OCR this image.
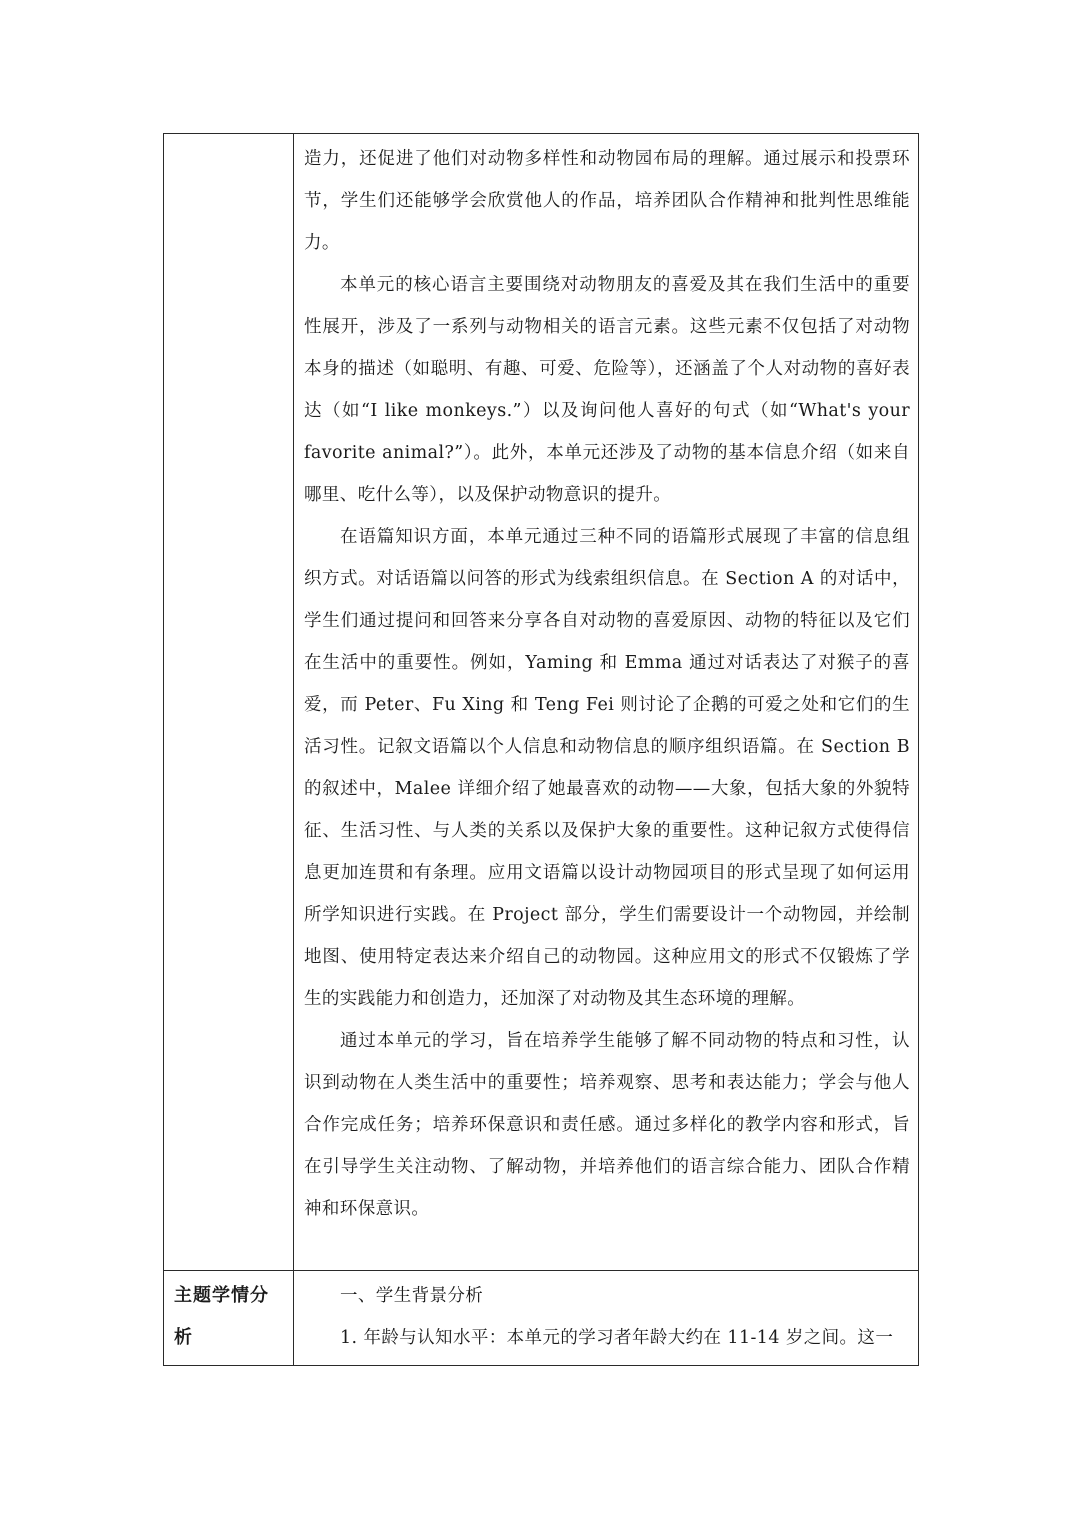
	造力，还促进了他们对动物多样性和动物园布局的理解。通过展示和投票环节，学生们还能够学会欣赏他人的作品，培养团队合作精神和批判性思维能力。

本单元的核心语言主要围绕对动物朋友的喜爱及其在我们生活中的重要性展开，涉及了一系列与动物相关的语言元素。这些元素不仅包括了对动物本身的描述（如聪明、有趣、可爱、危险等），还涵盖了个人对动物的喜好表达（如“I like monkeys.”）以及询问他人喜好的句式（如“What's your favorite animal?”）。此外，本单元还涉及了动物的基本信息介绍（如来自哪里、吃什么等），以及保护动物意识的提升。

在语篇知识方面，本单元通过三种不同的语篇形式展现了丰富的信息组织方式。对话语篇以问答的形式为线索组织信息。在 Section A 的对话中，学生们通过提问和回答来分享各自对动物的喜爱原因、动物的特征以及它们在生活中的重要性。例如，Yaming 和 Emma 通过对话表达了对猴子的喜爱，而 Peter、Fu Xing 和 Teng Fei 则讨论了企鹅的可爱之处和它们的生活习性。记叙文语篇以个人信息和动物信息的顺序组织语篇。在 Section B 的叙述中，Malee 详细介绍了她最喜欢的动物——大象，包括大象的外貌特征、生活习性、与人类的关系以及保护大象的重要性。这种记叙方式使得信息更加连贯和有条理。应用文语篇以设计动物园项目的形式呈现了如何运用所学知识进行实践。在 Project 部分，学生们需要设计一个动物园，并绘制地图、使用特定表达来介绍自己的动物园。这种应用文的形式不仅锻炼了学生的实践能力和创造力，还加深了对动物及其生态环境的理解。

通过本单元的学习，旨在培养学生能够了解不同动物的特点和习性，认识到动物在人类生活中的重要性；培养观察、思考和表达能力；学会与他人合作完成任务；培养环保意识和责任感。通过多样化的教学内容和形式，旨在引导学生关注动物、了解动物，并培养他们的语言综合能力、团队合作精神和环保意识。

主题学情分析	一、学生背景分析

1. 年龄与认知水平：本单元的学习者年龄大约在 11-14 岁之间。这一
